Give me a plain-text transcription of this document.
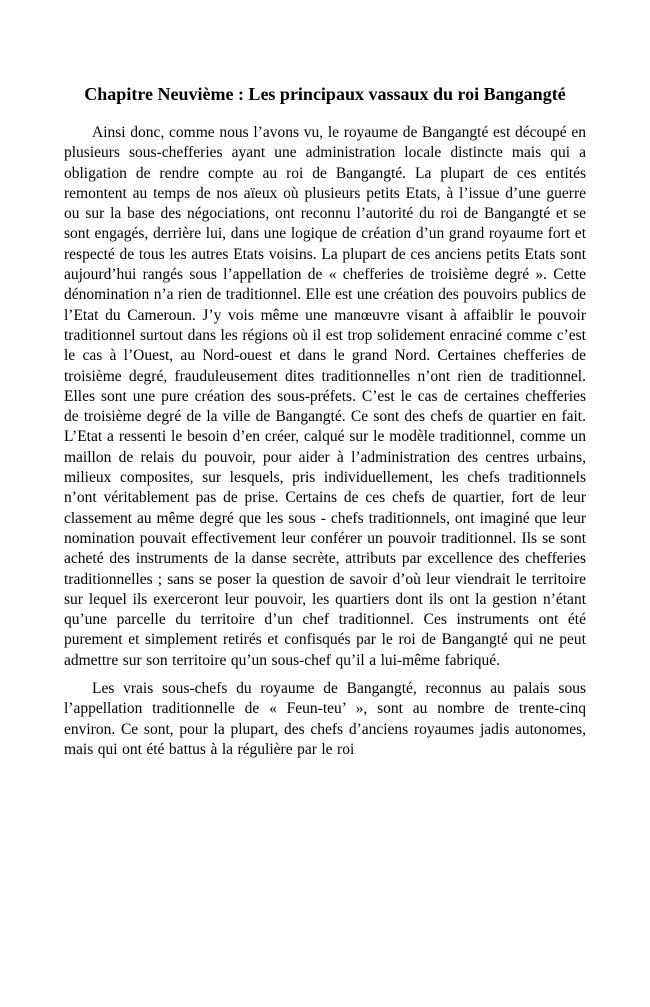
Chapitre Neuvième : Les principaux vassaux du roi Bangangté

Ainsi donc, comme nous l’avons vu, le royaume de Bangangté est découpé en plusieurs sous-chefferies ayant une administration locale distincte mais qui a obligation de rendre compte au roi de Bangangté. La plupart de ces entités remontent au temps de nos aïeux où plusieurs petits Etats, à l’issue d’une guerre ou sur la base des négociations, ont reconnu l’autorité du roi de Bangangté et se sont engagés, derrière lui, dans une logique de création d’un grand royaume fort et respecté de tous les autres Etats voisins. La plupart de ces anciens petits Etats sont aujourd’hui rangés sous l’appellation de « chefferies de troisième degré ». Cette dénomination n’a rien de traditionnel. Elle est une création des pouvoirs publics de l’Etat du Cameroun. J’y vois même une manœuvre visant à affaiblir le pouvoir traditionnel surtout dans les régions où il est trop solidement enraciné comme c’est le cas à l’Ouest, au Nord-ouest et dans le grand Nord. Certaines chefferies de troisième degré, frauduleusement dites traditionnelles n’ont rien de traditionnel. Elles sont une pure création des sous-préfets. C’est le cas de certaines chefferies de troisième degré de la ville de Bangangté. Ce sont des chefs de quartier en fait. L’Etat a ressenti le besoin d’en créer, calqué sur le modèle traditionnel, comme un maillon de relais du pouvoir, pour aider à l’administration des centres urbains, milieux composites, sur lesquels, pris individuellement, les chefs traditionnels n’ont véritablement pas de prise. Certains de ces chefs de quartier, fort de leur classement au même degré que les sous - chefs traditionnels, ont imaginé que leur nomination pouvait effectivement leur conférer un pouvoir traditionnel. Ils se sont acheté des instruments de la danse secrète, attributs par excellence des chefferies traditionnelles ; sans se poser la question de savoir d’où leur viendrait le territoire sur lequel ils exerceront leur pouvoir, les quartiers dont ils ont la gestion n’étant qu’une parcelle du territoire d’un chef traditionnel. Ces instruments ont été purement et simplement retirés et confisqués par le roi de Bangangté qui ne peut admettre sur son territoire qu’un sous-chef qu’il a lui-même fabriqué.

Les vrais sous-chefs du royaume de Bangangté, reconnus au palais sous l’appellation traditionnelle de « Feun-teu’ », sont au nombre de trente-cinq environ. Ce sont, pour la plupart, des chefs d’anciens royaumes jadis autonomes, mais qui ont été battus à la régulière par le roi
